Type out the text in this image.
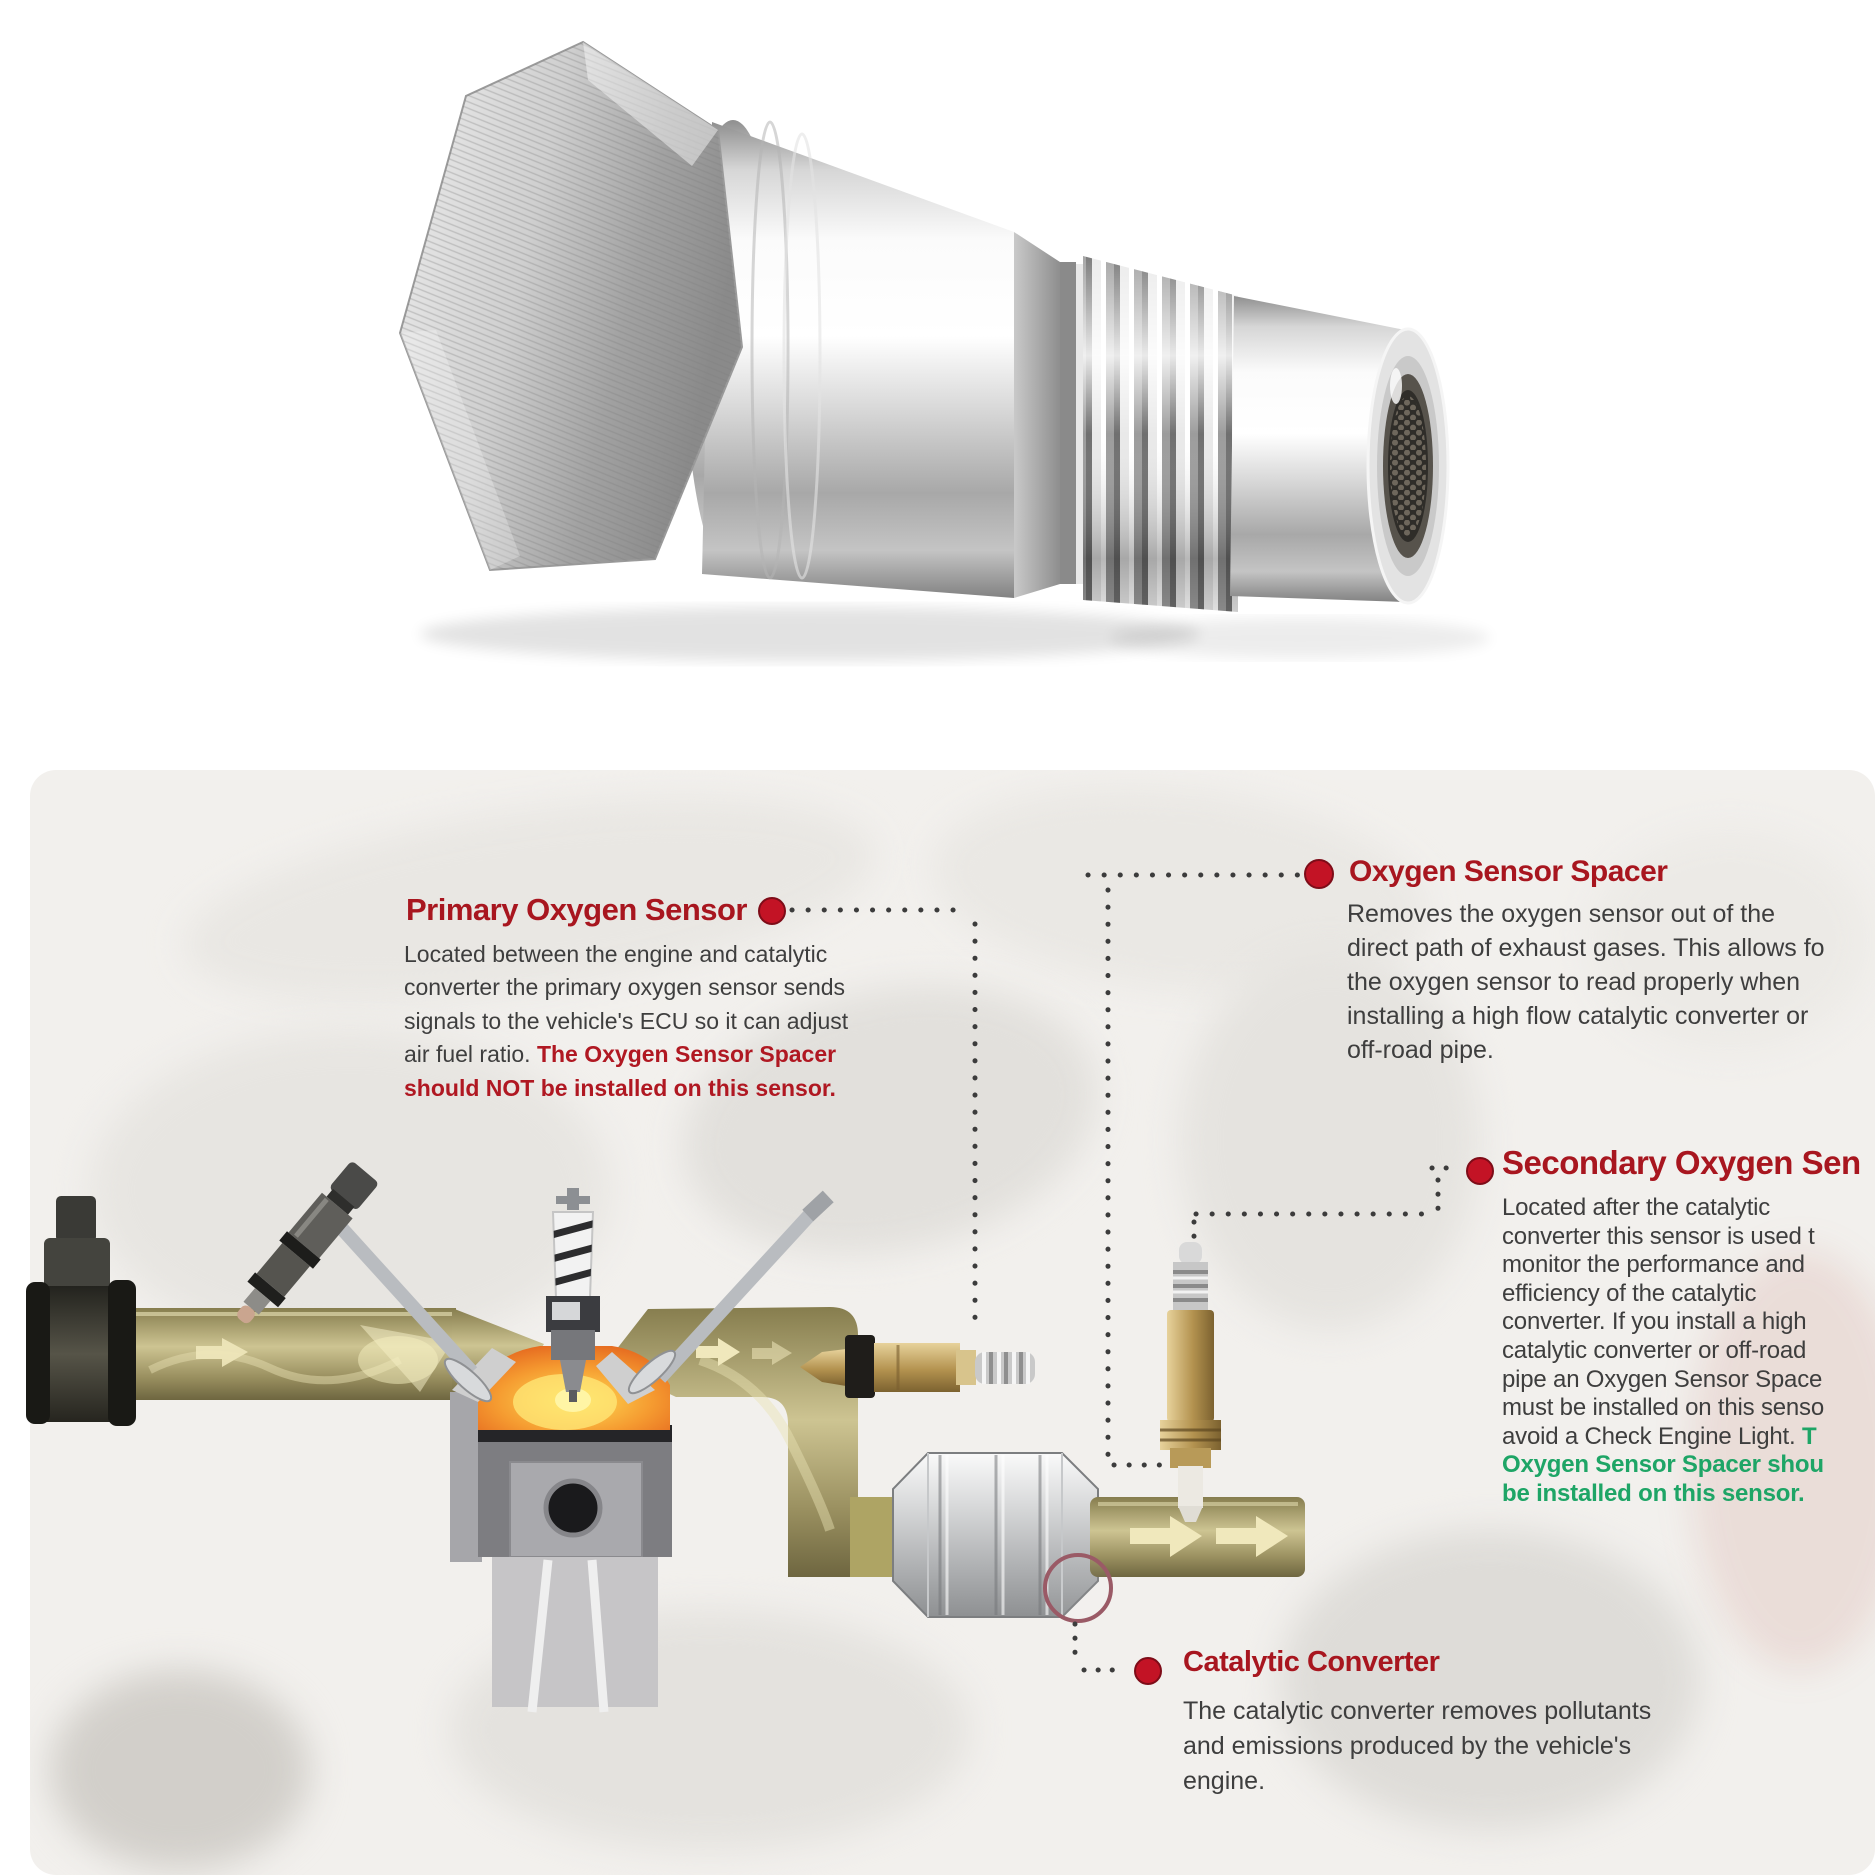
Primary Oxygen Sensor
Located between the engine and catalytic
converter the primary oxygen sensor sends
signals to the vehicle's ECU so it can adjust
air fuel ratio. The Oxygen Sensor Spacer
should NOT be installed on this sensor.
Oxygen Sensor Spacer
Removes the oxygen sensor out of the
direct path of exhaust gases. This allows fo
the oxygen sensor to read properly when
installing a high flow catalytic converter or
off-road pipe.
Secondary Oxygen Sen
Located after the catalytic
converter this sensor is used t
monitor the performance and
efficiency of the catalytic
converter. If you install a high
catalytic converter or off-road
pipe an Oxygen Sensor Space
must be installed on this senso
avoid a Check Engine Light. T
Oxygen Sensor Spacer shou
be installed on this sensor.
Catalytic Converter
The catalytic converter removes pollutants
and emissions produced by the vehicle's
engine.
